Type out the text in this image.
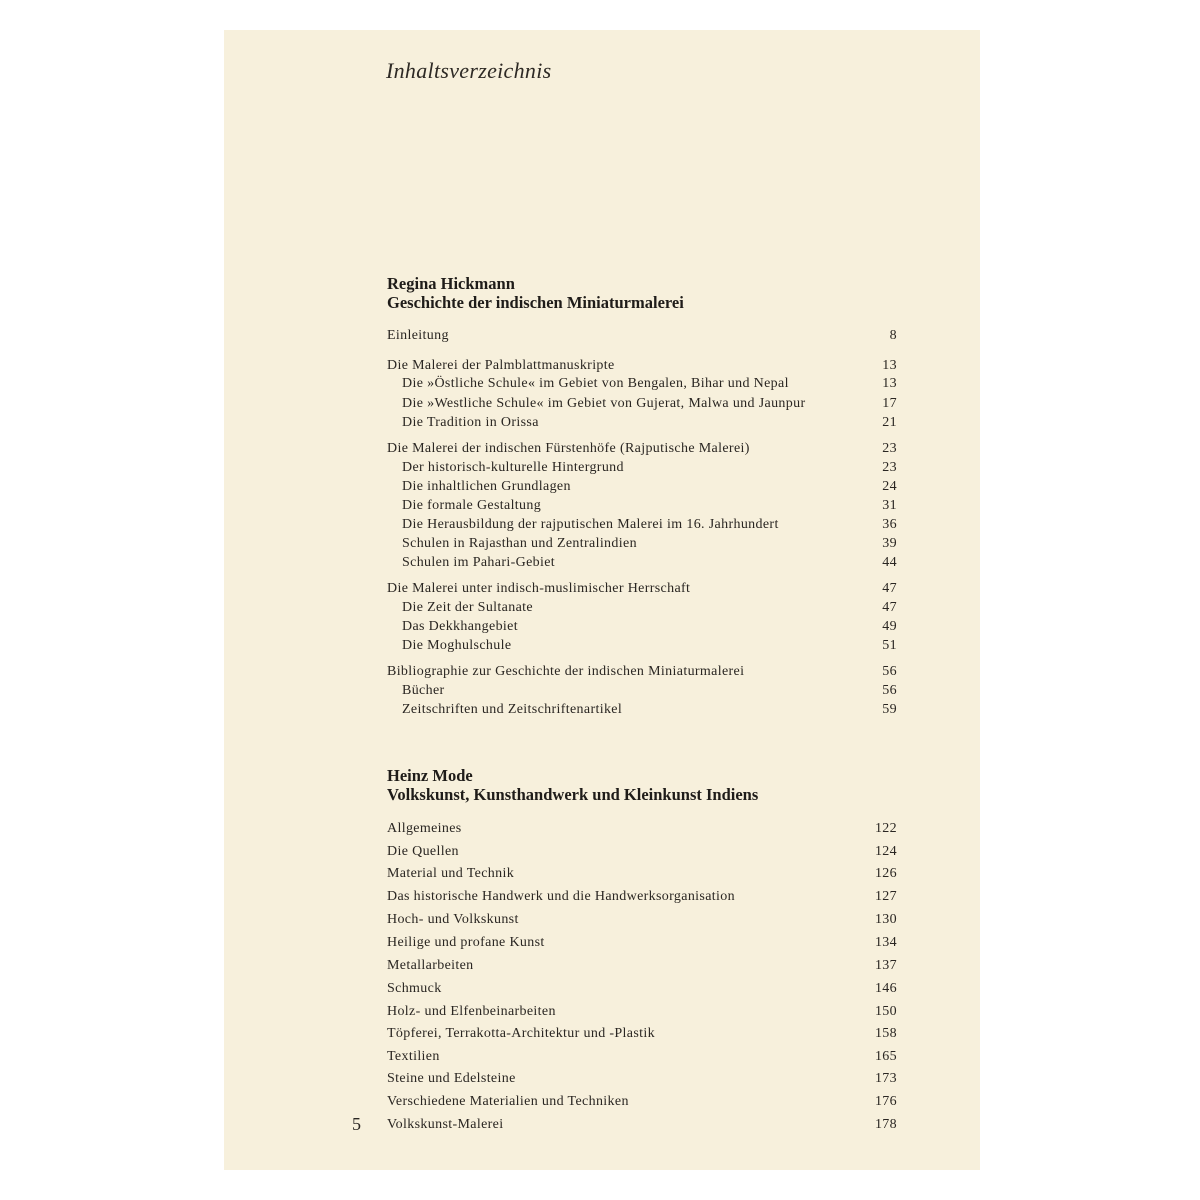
Inhaltsverzeichnis
Regina Hickmann
Geschichte der indischen Miniaturmalerei
Einleitung	8
Die Malerei der Palmblattmanuskripte	13
Die »Östliche Schule« im Gebiet von Bengalen, Bihar und Nepal	13
Die »Westliche Schule« im Gebiet von Gujerat, Malwa und Jaunpur	17
Die Tradition in Orissa	21
Die Malerei der indischen Fürstenhöfe (Rajputische Malerei)	23
Der historisch-kulturelle Hintergrund	23
Die inhaltlichen Grundlagen	24
Die formale Gestaltung	31
Die Herausbildung der rajputischen Malerei im 16. Jahrhundert	36
Schulen in Rajasthan und Zentralindien	39
Schulen im Pahari-Gebiet	44
Die Malerei unter indisch-muslimischer Herrschaft	47
Die Zeit der Sultanate	47
Das Dekkhangebiet	49
Die Moghulschule	51
Bibliographie zur Geschichte der indischen Miniaturmalerei	56
Bücher	56
Zeitschriften und Zeitschriftenartikel	59
Heinz Mode
Volkskunst, Kunsthandwerk und Kleinkunst Indiens
Allgemeines	122
Die Quellen	124
Material und Technik	126
Das historische Handwerk und die Handwerksorganisation	127
Hoch- und Volkskunst	130
Heilige und profane Kunst	134
Metallarbeiten	137
Schmuck	146
Holz- und Elfenbeinarbeiten	150
Töpferei, Terrakotta-Architektur und -Plastik	158
Textilien	165
Steine und Edelsteine	173
Verschiedene Materialien und Techniken	176
Volkskunst-Malerei	178
5
